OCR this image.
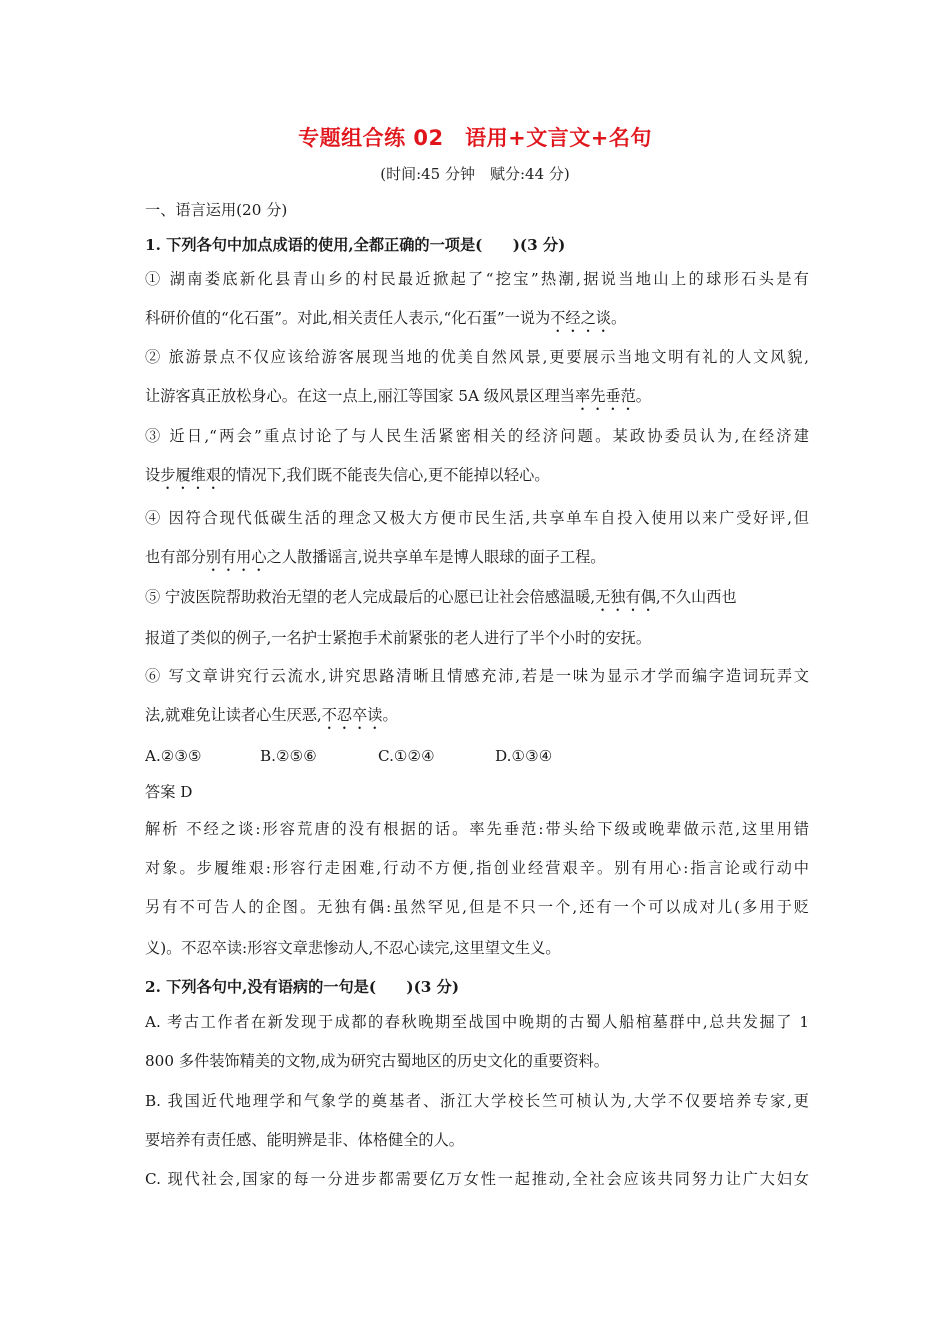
专题组合练 02　语用+文言文+名句
(时间:45 分钟　赋分:44 分)
一、语言运用(20 分)
1. 下列各句中加点成语的使用,全都正确的一项是(　　)(3 分)
① 湖南娄底新化县青山乡的村民最近掀起了“挖宝”热潮,据说当地山上的球形石头是有
科研价值的“化石蛋”。对此,相关责任人表示,“化石蛋”一说为不经之谈。
② 旅游景点不仅应该给游客展现当地的优美自然风景,更要展示当地文明有礼的人文风貌,
让游客真正放松身心。在这一点上,丽江等国家 5A 级风景区理当率先垂范。
③ 近日,“两会”重点讨论了与人民生活紧密相关的经济问题。某政协委员认为,在经济建
设步履维艰的情况下,我们既不能丧失信心,更不能掉以轻心。
④ 因符合现代低碳生活的理念又极大方便市民生活,共享单车自投入使用以来广受好评,但
也有部分别有用心之人散播谣言,说共享单车是博人眼球的面子工程。
⑤ 宁波医院帮助救治无望的老人完成最后的心愿已让社会倍感温暖,无独有偶,不久山西也
报道了类似的例子,一名护士紧抱手术前紧张的老人进行了半个小时的安抚。
⑥ 写文章讲究行云流水,讲究思路清晰且情感充沛,若是一味为显示才学而编字造词玩弄文
法,就难免让读者心生厌恶,不忍卒读。
A.②③⑤	B.②⑤⑥	C.①②④	D.①③④
答案 D
解析 不经之谈:形容荒唐的没有根据的话。率先垂范:带头给下级或晚辈做示范,这里用错
对象。步履维艰:形容行走困难,行动不方便,指创业经营艰辛。别有用心:指言论或行动中
另有不可告人的企图。无独有偶:虽然罕见,但是不只一个,还有一个可以成对儿(多用于贬
义)。不忍卒读:形容文章悲惨动人,不忍心读完,这里望文生义。
2. 下列各句中,没有语病的一句是(　　)(3 分)
A. 考古工作者在新发现于成都的春秋晚期至战国中晚期的古蜀人船棺墓群中,总共发掘了 1
800 多件装饰精美的文物,成为研究古蜀地区的历史文化的重要资料。
B. 我国近代地理学和气象学的奠基者、浙江大学校长竺可桢认为,大学不仅要培养专家,更
要培养有责任感、能明辨是非、体格健全的人。
C. 现代社会,国家的每一分进步都需要亿万女性一起推动,全社会应该共同努力让广大妇女
